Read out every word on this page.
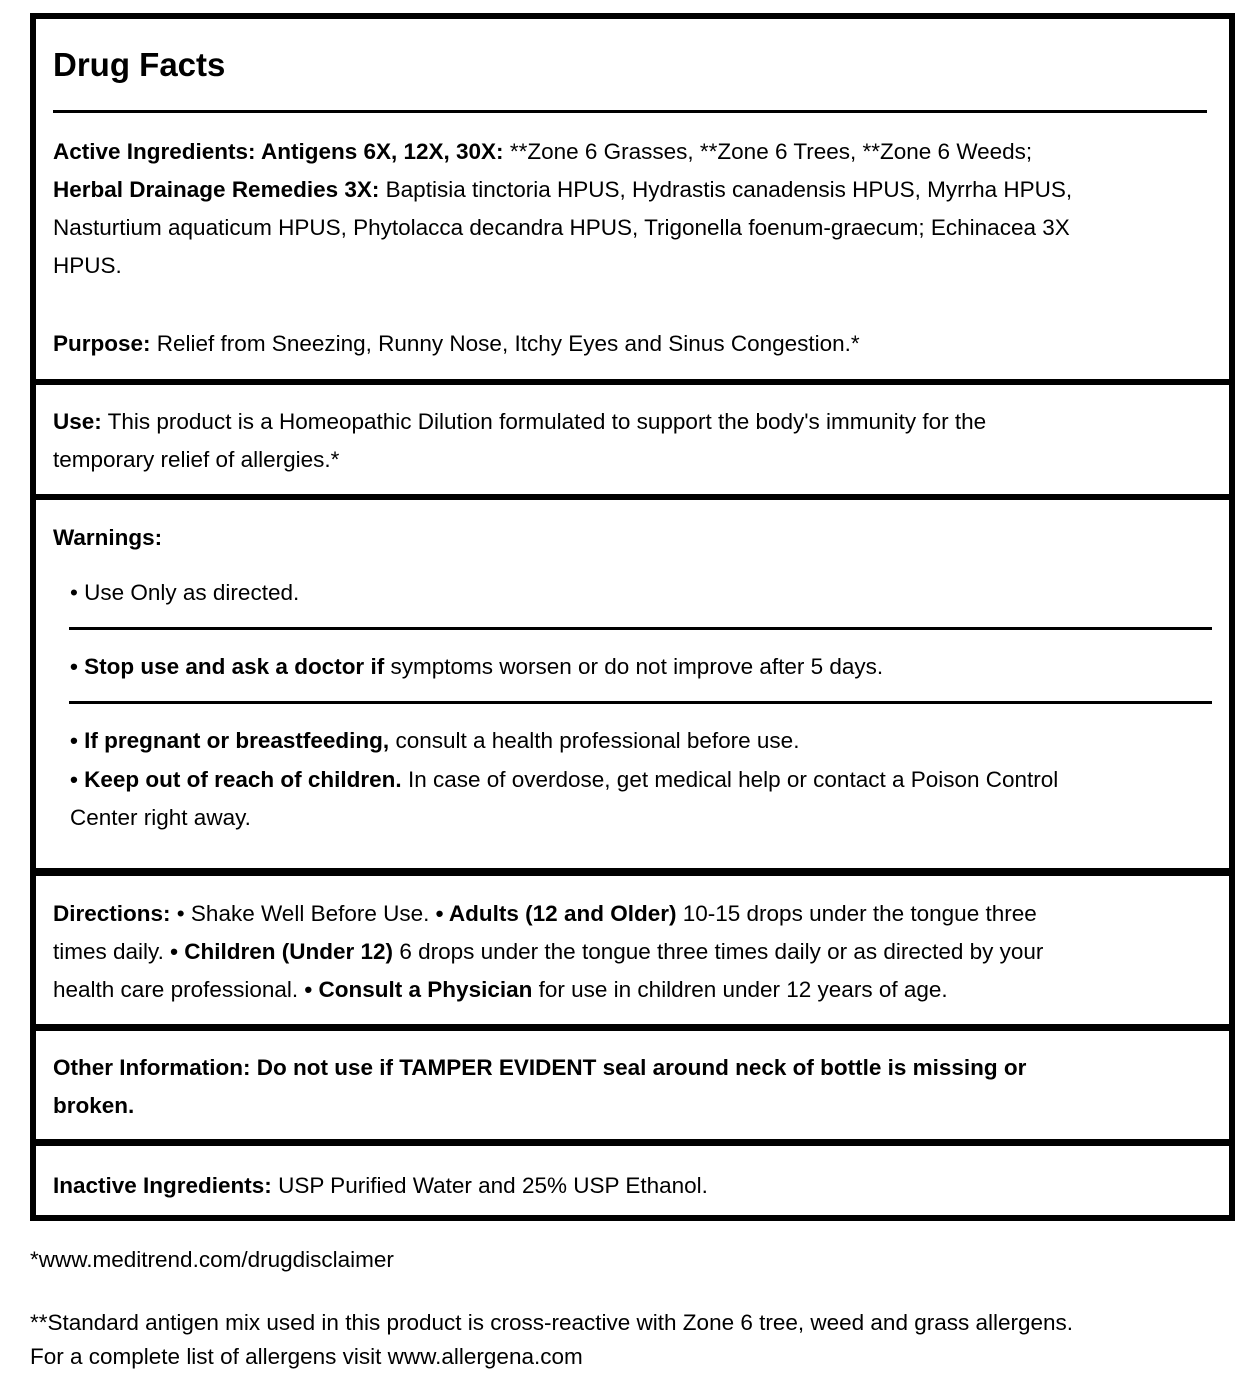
Drug Facts
Active Ingredients: Antigens 6X, 12X, 30X: **Zone 6 Grasses, **Zone 6 Trees, **Zone 6 Weeds;
Herbal Drainage Remedies 3X: Baptisia tinctoria HPUS, Hydrastis canadensis HPUS, Myrrha HPUS,
Nasturtium aquaticum HPUS, Phytolacca decandra HPUS, Trigonella foenum-graecum; Echinacea 3X
HPUS.
Purpose: Relief from Sneezing, Runny Nose, Itchy Eyes and Sinus Congestion.*
Use: This product is a Homeopathic Dilution formulated to support the body's immunity for the
temporary relief of allergies.*
Warnings:
• Use Only as directed.
• Stop use and ask a doctor if symptoms worsen or do not improve after 5 days.
• If pregnant or breastfeeding, consult a health professional before use.
• Keep out of reach of children. In case of overdose, get medical help or contact a Poison Control
Center right away.
Directions: • Shake Well Before Use. • Adults (12 and Older) 10-15 drops under the tongue three
times daily. • Children (Under 12) 6 drops under the tongue three times daily or as directed by your
health care professional. • Consult a Physician for use in children under 12 years of age.
Other Information: Do not use if TAMPER EVIDENT seal around neck of bottle is missing or
broken.
Inactive Ingredients: USP Purified Water and 25% USP Ethanol.
*www.meditrend.com/drugdisclaimer
**Standard antigen mix used in this product is cross-reactive with Zone 6 tree, weed and grass allergens.
For a complete list of allergens visit www.allergena.com
